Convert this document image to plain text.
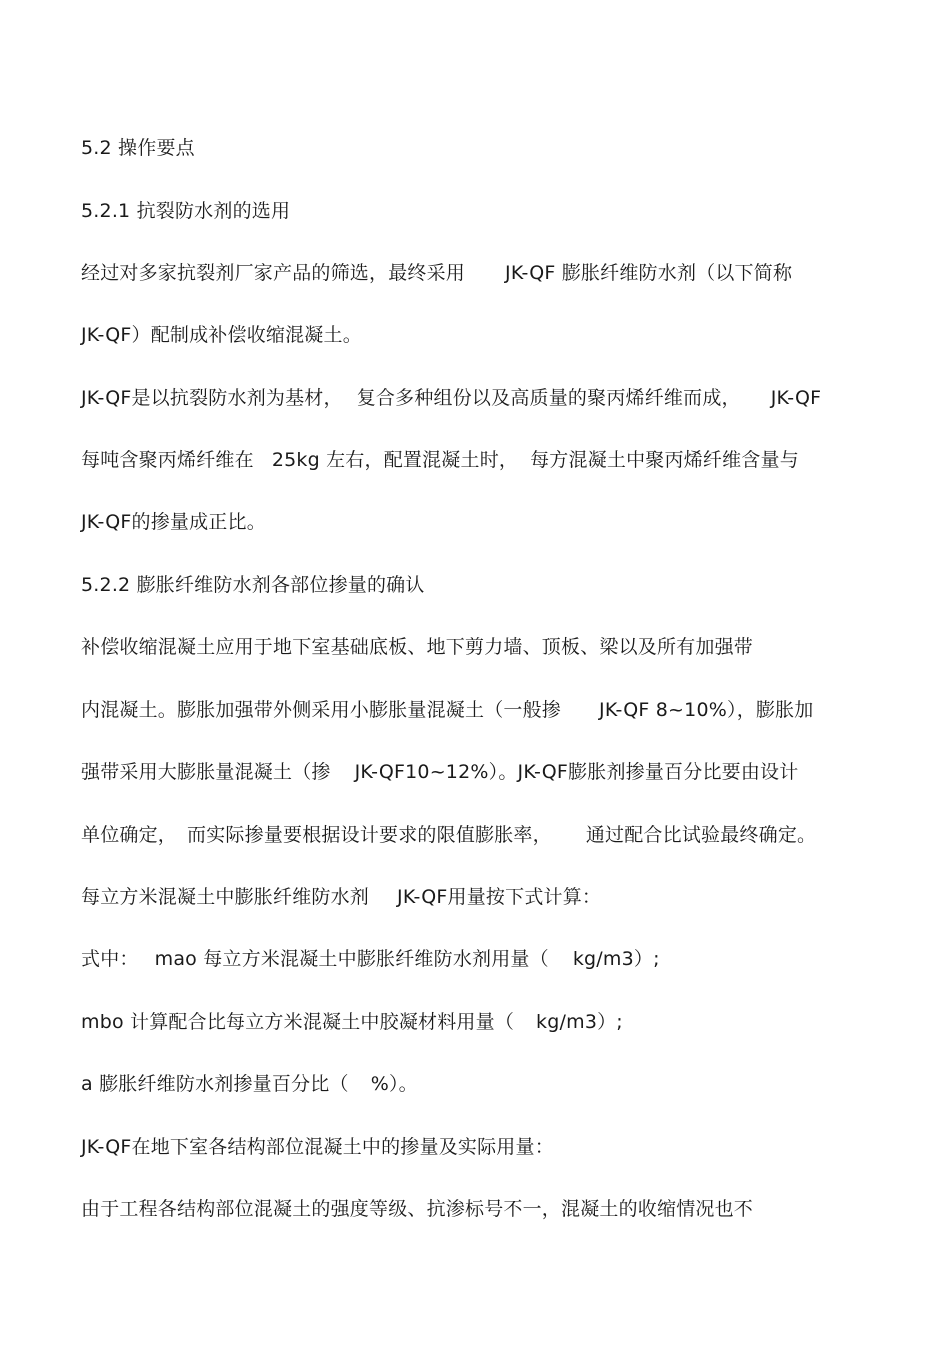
5.2 操作要点
5.2.1 抗裂防水剂的选用
经过对多家抗裂剂厂家产品的筛选，最终采用 JK-QF 膨胀纤维防水剂（以下简称
JK-QF）配制成补偿收缩混凝土。
JK-QF是以抗裂防水剂为基材， 复合多种组份以及高质量的聚丙烯纤维而成， JK-QF
每吨含聚丙烯纤维在 25kg 左右，配置混凝土时， 每方混凝土中聚丙烯纤维含量与
JK-QF的掺量成正比。
5.2.2 膨胀纤维防水剂各部位掺量的确认
补偿收缩混凝土应用于地下室基础底板、地下剪力墙、顶板、梁以及所有加强带
内混凝土。膨胀加强带外侧采用小膨胀量混凝土（一般掺 JK-QF 8~10%），膨胀加
强带采用大膨胀量混凝土（掺 JK-QF10~12%）。JK-QF膨胀剂掺量百分比要由设计
单位确定， 而实际掺量要根据设计要求的限值膨胀率， 通过配合比试验最终确定。
每立方米混凝土中膨胀纤维防水剂 JK-QF用量按下式计算：
式中： mao 每立方米混凝土中膨胀纤维防水剂用量（ kg/m3）;
mbo 计算配合比每立方米混凝土中胶凝材料用量（ kg/m3）;
a 膨胀纤维防水剂掺量百分比（ %）。
JK-QF在地下室各结构部位混凝土中的掺量及实际用量：
由于工程各结构部位混凝土的强度等级、抗渗标号不一，混凝土的收缩情况也不
